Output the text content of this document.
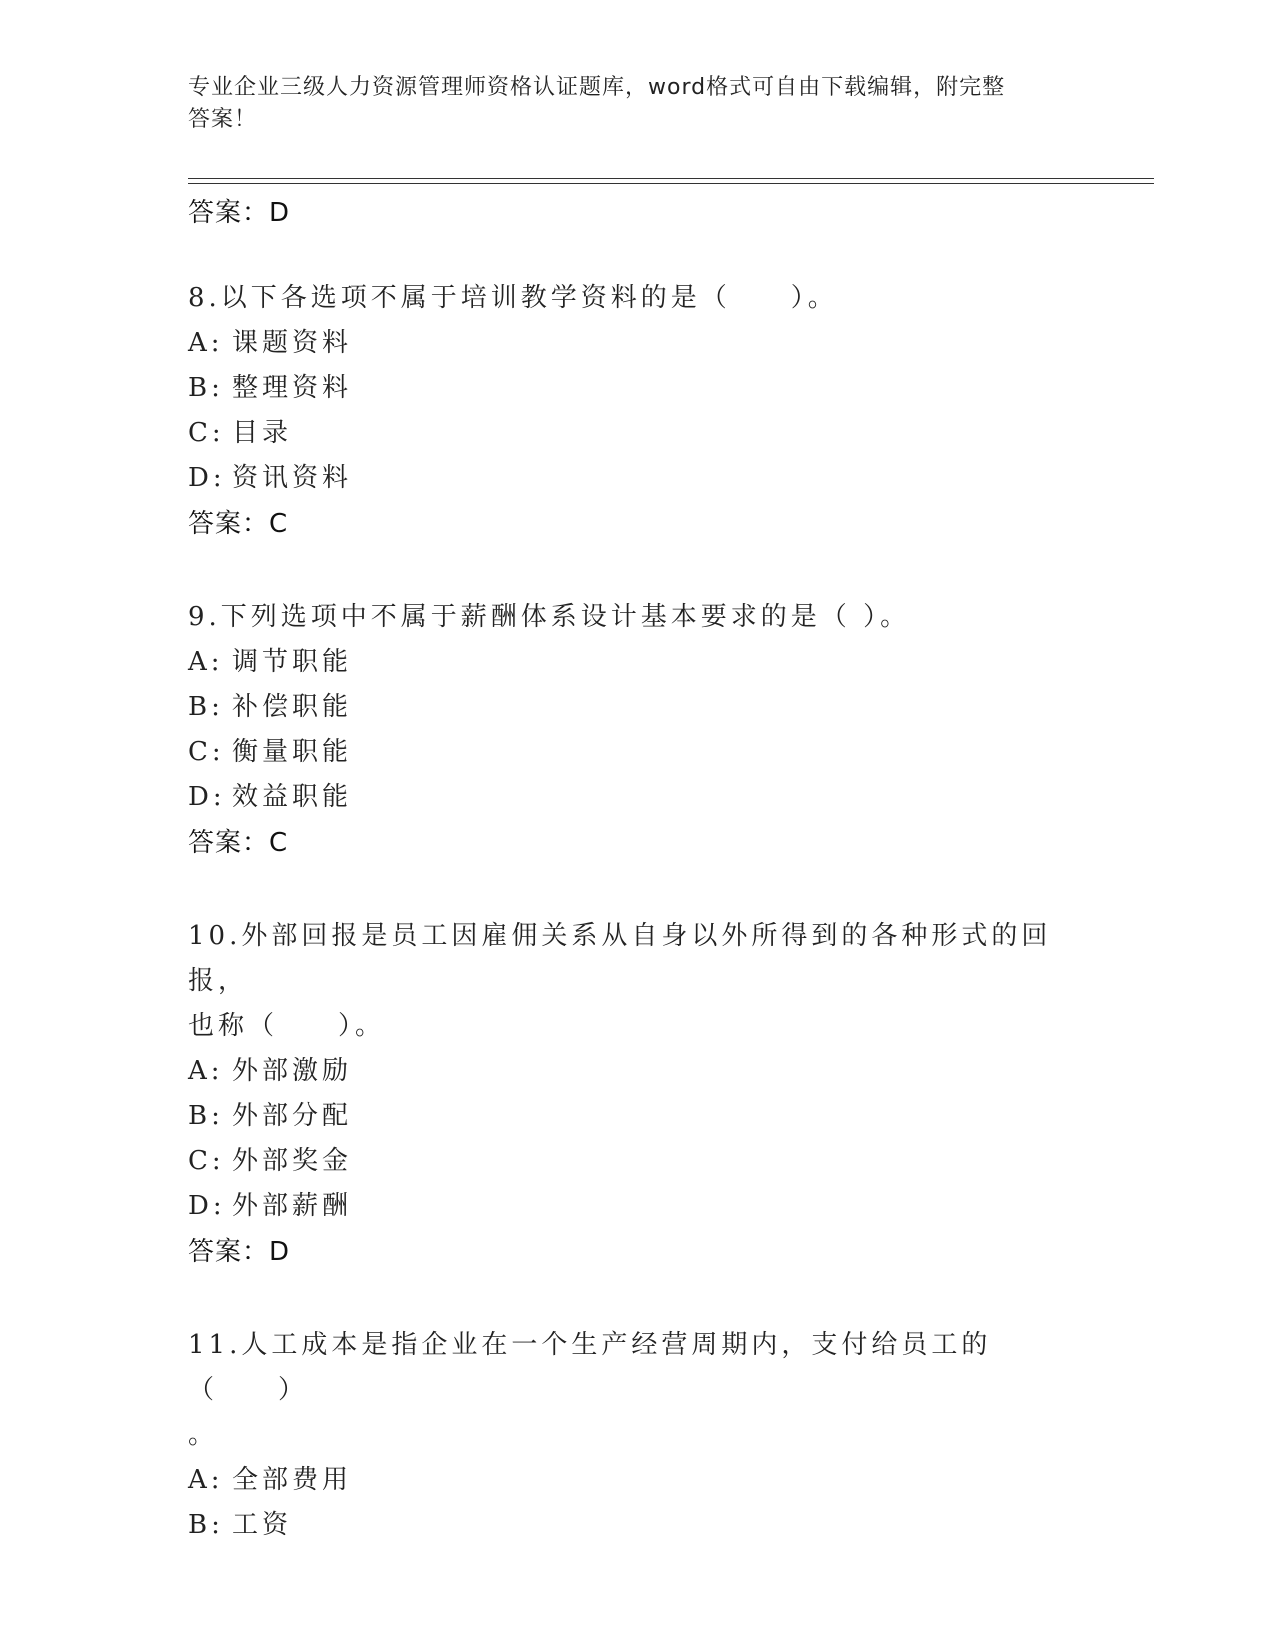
专业企业三级人力资源管理师资格认证题库，word格式可自由下载编辑，附完整
答案！
答案：D
8.以下各选项不属于培训教学资料的是（　　）。
A: 课题资料
B: 整理资料
C: 目录
D: 资讯资料
答案：C
9.下列选项中不属于薪酬体系设计基本要求的是（ ）。
A: 调节职能
B: 补偿职能
C: 衡量职能
D: 效益职能
答案：C
10.外部回报是员工因雇佣关系从自身以外所得到的各种形式的回报，
也称（　　）。
A: 外部激励
B: 外部分配
C: 外部奖金
D: 外部薪酬
答案：D
11.人工成本是指企业在一个生产经营周期内，支付给员工的（　　）
。
A: 全部费用
B: 工资
